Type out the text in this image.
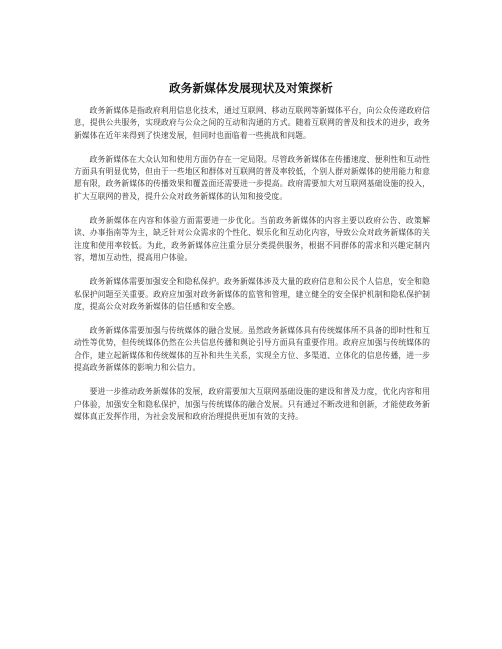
政务新媒体发展现状及对策探析

政务新媒体是指政府利用信息化技术，通过互联网、移动互联网等新媒体平台，向公众传递政府信息，提供公共服务，实现政府与公众之间的互动和沟通的方式。随着互联网的普及和技术的进步，政务新媒体在近年来得到了快速发展，但同时也面临着一些挑战和问题。

政务新媒体在大众认知和使用方面仍存在一定局限。尽管政务新媒体在传播速度、便利性和互动性方面具有明显优势，但由于一些地区和群体对互联网的普及率较低，个别人群对新媒体的使用能力和意愿有限，政务新媒体的传播效果和覆盖面还需要进一步提高。政府需要加大对互联网基础设施的投入，扩大互联网的普及，提升公众对政务新媒体的认知和接受度。

政务新媒体在内容和体验方面需要进一步优化。当前政务新媒体的内容主要以政府公告、政策解读、办事指南等为主，缺乏针对公众需求的个性化、娱乐化和互动化内容，导致公众对政务新媒体的关注度和使用率较低。为此，政务新媒体应注重分层分类提供服务，根据不同群体的需求和兴趣定制内容，增加互动性，提高用户体验。

政务新媒体需要加强安全和隐私保护。政务新媒体涉及大量的政府信息和公民个人信息，安全和隐私保护问题至关重要。政府应加强对政务新媒体的监管和管理，建立健全的安全保护机制和隐私保护制度，提高公众对政务新媒体的信任感和安全感。

政务新媒体需要加强与传统媒体的融合发展。虽然政务新媒体具有传统媒体所不具备的即时性和互动性等优势，但传统媒体仍然在公共信息传播和舆论引导方面具有重要作用。政府应加强与传统媒体的合作，建立起新媒体和传统媒体的互补和共生关系，实现全方位、多渠道、立体化的信息传播，进一步提高政务新媒体的影响力和公信力。

要进一步推动政务新媒体的发展，政府需要加大互联网基础设施的建设和普及力度，优化内容和用户体验，加强安全和隐私保护，加强与传统媒体的融合发展。只有通过不断改进和创新，才能使政务新媒体真正发挥作用，为社会发展和政府治理提供更加有效的支持。
